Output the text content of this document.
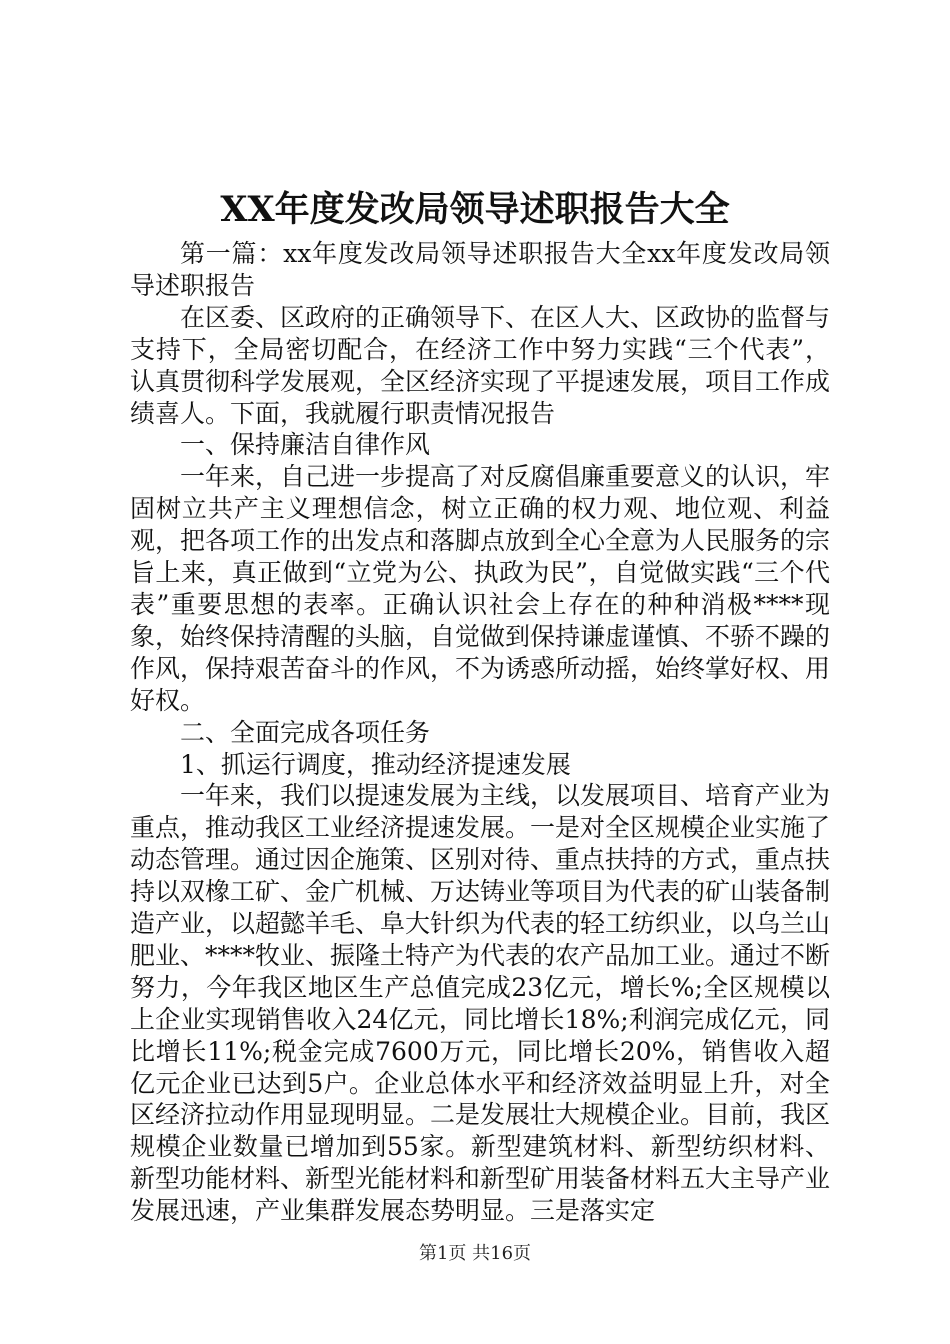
XX年度发改局领导述职报告大全

第一篇：xx年度发改局领导述职报告大全xx年度发改局领导述职报告

在区委、区政府的正确领导下、在区人大、区政协的监督与支持下，全局密切配合，在经济工作中努力实践“三个代表”，认真贯彻科学发展观，全区经济实现了平提速发展，项目工作成绩喜人。下面，我就履行职责情况报告

一、保持廉洁自律作风

一年来，自己进一步提高了对反腐倡廉重要意义的认识，牢固树立共产主义理想信念，树立正确的权力观、地位观、利益观，把各项工作的出发点和落脚点放到全心全意为人民服务的宗旨上来，真正做到“立党为公、执政为民”，自觉做实践“三个代表”重要思想的表率。正确认识社会上存在的种种消极****现象，始终保持清醒的头脑，自觉做到保持谦虚谨慎、不骄不躁的作风，保持艰苦奋斗的作风，不为诱惑所动摇，始终掌好权、用好权。

二、全面完成各项任务

1、抓运行调度，推动经济提速发展

一年来，我们以提速发展为主线，以发展项目、培育产业为重点，推动我区工业经济提速发展。一是对全区规模企业实施了动态管理。通过因企施策、区别对待、重点扶持的方式，重点扶持以双橡工矿、金广机械、万达铸业等项目为代表的矿山装备制造产业，以超懿羊毛、阜大针织为代表的轻工纺织业，以乌兰山肥业、****牧业、振隆土特产为代表的农产品加工业。通过不断努力，今年我区地区生产总值完成23亿元，增长%;全区规模以上企业实现销售收入24亿元，同比增长18%;利润完成亿元，同比增长11%;税金完成7600万元，同比增长20%，销售收入超亿元企业已达到5户。企业总体水平和经济效益明显上升，对全区经济拉动作用显现明显。二是发展壮大规模企业。目前，我区规模企业数量已增加到55家。新型建筑材料、新型纺织材料、新型功能材料、新型光能材料和新型矿用装备材料五大主导产业发展迅速，产业集群发展态势明显。三是落实定

第1页 共16页
